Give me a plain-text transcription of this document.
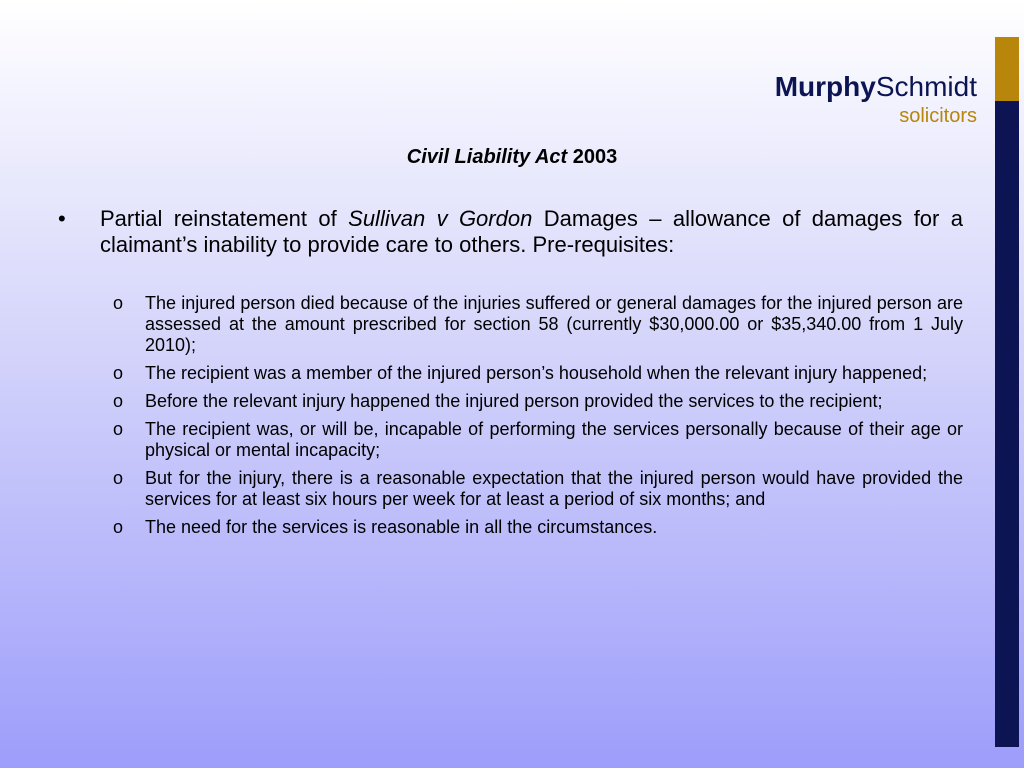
MurphySchmidt
solicitors
Civil Liability Act 2003
• Partial reinstatement of Sullivan v Gordon Damages – allowance of damages for a claimant’s inability to provide care to others. Pre-requisites:
o The injured person died because of the injuries suffered or general damages for the injured person are assessed at the amount prescribed for section 58 (currently $30,000.00 or $35,340.00 from 1 July 2010);
o The recipient was a member of the injured person’s household when the relevant injury happened;
o Before the relevant injury happened the injured person provided the services to the recipient;
o The recipient was, or will be, incapable of performing the services personally because of their age or physical or mental incapacity;
o But for the injury, there is a reasonable expectation that the injured person would have provided the services for at least six hours per week for at least a period of six months; and
o The need for the services is reasonable in all the circumstances.
